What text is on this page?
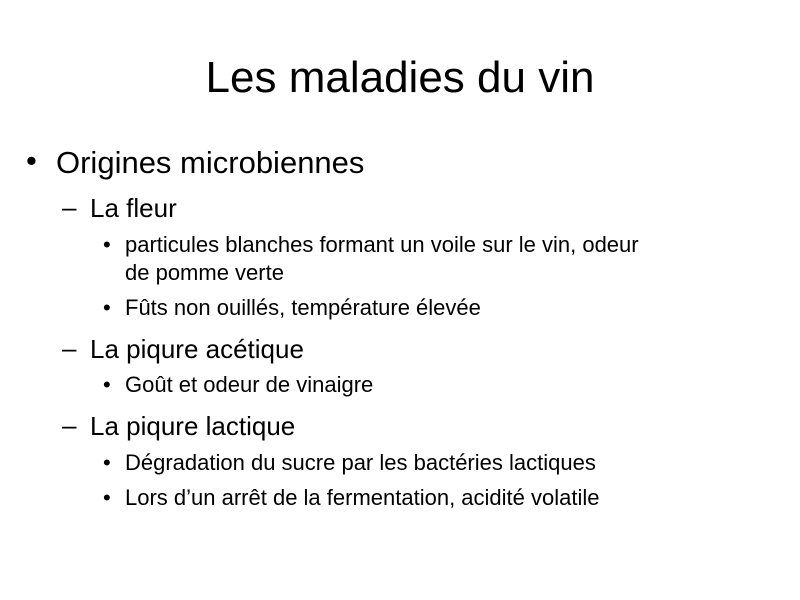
Les maladies du vin
• Origines microbiennes
– La fleur
• particules blanches formant un voile sur le vin, odeur
de pomme verte
• Fûts non ouillés, température élevée
– La piqure acétique
• Goût et odeur de vinaigre
– La piqure lactique
• Dégradation du sucre par les bactéries lactiques
• Lors d’un arrêt de la fermentation, acidité volatile
